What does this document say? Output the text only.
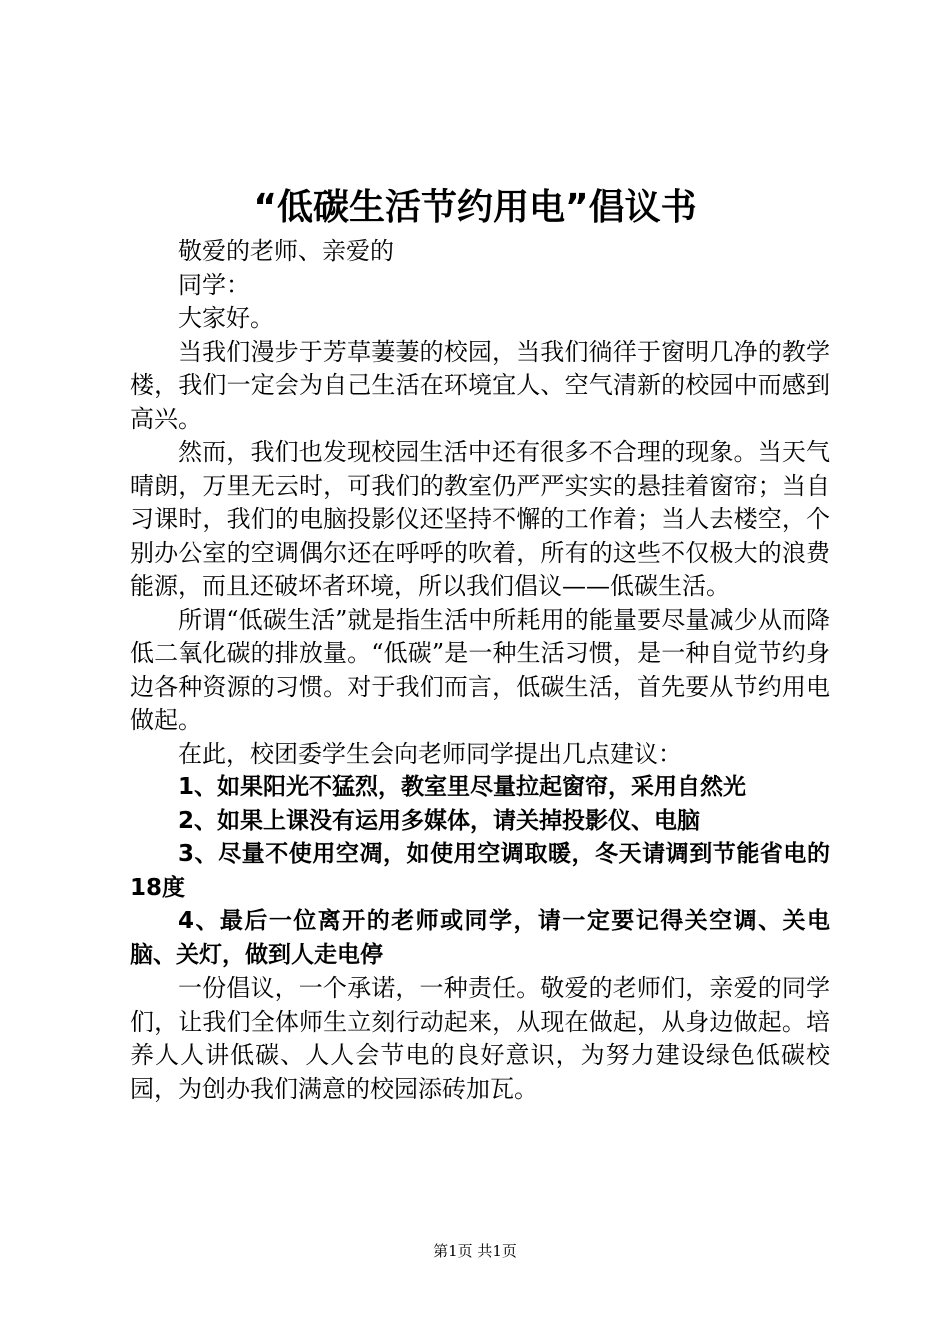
“低碳生活节约用电”倡议书

敬爱的老师、亲爱的

同学：

大家好。

当我们漫步于芳草萋萋的校园，当我们徜徉于窗明几净的教学楼，我们一定会为自己生活在环境宜人、空气清新的校园中而感到高兴。

然而，我们也发现校园生活中还有很多不合理的现象。当天气晴朗，万里无云时，可我们的教室仍严严实实的悬挂着窗帘；当自习课时，我们的电脑投影仪还坚持不懈的工作着；当人去楼空，个别办公室的空调偶尔还在呼呼的吹着，所有的这些不仅极大的浪费能源，而且还破坏者环境，所以我们倡议——低碳生活。

所谓“低碳生活”就是指生活中所耗用的能量要尽量减少从而降低二氧化碳的排放量。“低碳”是一种生活习惯，是一种自觉节约身边各种资源的习惯。对于我们而言，低碳生活，首先要从节约用电做起。

在此，校团委学生会向老师同学提出几点建议：

1、如果阳光不猛烈，教室里尽量拉起窗帘，采用自然光

2、如果上课没有运用多媒体，请关掉投影仪、电脑

3、尽量不使用空凋，如使用空调取暖，冬天请调到节能省电的18度

4、最后一位离开的老师或同学，请一定要记得关空调、关电脑、关灯，做到人走电停

一份倡议，一个承诺，一种责任。敬爱的老师们，亲爱的同学们，让我们全体师生立刻行动起来，从现在做起，从身边做起。培养人人讲低碳、人人会节电的良好意识，为努力建设绿色低碳校园，为创办我们满意的校园添砖加瓦。

第1页 共1页
